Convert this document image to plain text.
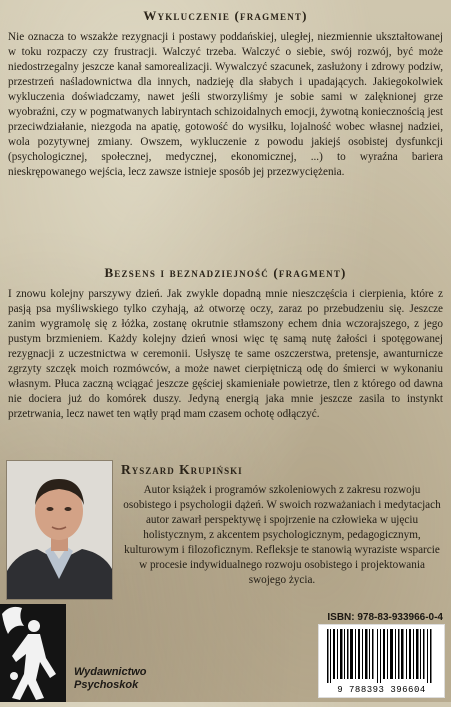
Wykluczenie (fragment)

Nie oznacza to wszakże rezygnacji i postawy poddańskiej, uległej, niezmiennie ukształtowanej w toku rozpaczy czy frustracji. Walczyć trzeba. Walczyć o siebie, swój rozwój, być może niedostrzegalny jeszcze kanał samorealizacji. Wywalczyć szacunek, zasłużony i zdrowy podziw, przestrzeń naśladownictwa dla innych, nadzieję dla słabych i upadających. Jakiegokolwiek wykluczenia doświadczamy, nawet jeśli stworzyliśmy je sobie sami w zalęknionej grze wyobraźni, czy w pogmatwanych labiryntach schizoidalnych emocji, żywotną koniecznością jest przeciwdziałanie, niezgoda na apatię, gotowość do wysiłku, lojalność wobec własnej nadziei, wola pozytywnej zmiany. Owszem, wykluczenie z powodu jakiejś osobistej dysfunkcji (psychologicznej, społecznej, medycznej, ekonomicznej, ...) to wyraźna bariera nieskrępowanego wejścia, lecz zawsze istnieje sposób jej przezwyciężenia.

Bezsens i beznadziejność (fragment)

I znowu kolejny parszywy dzień. Jak zwykle dopadną mnie nieszczęścia i cierpienia, które z pasją psa myśliwskiego tylko czyhają, aż otworzę oczy, zaraz po przebudzeniu się. Jeszcze zanim wygramolę się z łóżka, zostanę okrutnie stłamszony echem dnia wczorajszego, z jego pustym brzmieniem. Każdy kolejny dzień wnosi więc tę samą nutę żałości i spotęgowanej rezygnacji z uczestnictwa w ceremonii. Usłyszę te same oszczerstwa, pretensje, awanturnicze zgrzyty szczęk moich rozmówców, a może nawet cierpiętniczą odę do śmierci w wykonaniu własnym. Płuca zaczną wciągać jeszcze gęściej skamieniałe powietrze, tlen z którego od dawna nie dociera już do komórek duszy. Jedyną energią jaka mnie jeszcze zasila to instynkt przetrwania, lecz nawet ten wątły prąd mam czasem ochotę odłączyć.

Ryszard Krupiński

Autor książek i programów szkoleniowych z zakresu rozwoju osobistego i psychologii dążeń. W swoich rozważaniach i medytacjach autor zawarł perspektywę i spojrzenie na człowieka w ujęciu holistycznym, z akcentem psychologicznym, pedagogicznym, kulturowym i filozoficznym. Refleksje te stanowią wyraziste wsparcie w procesie indywidualnego rozwoju osobistego i projektowania swojego życia.

ISBN: 978-83-933966-0-4
9 788393 396604
Wydawnictwo
Psychoskok
